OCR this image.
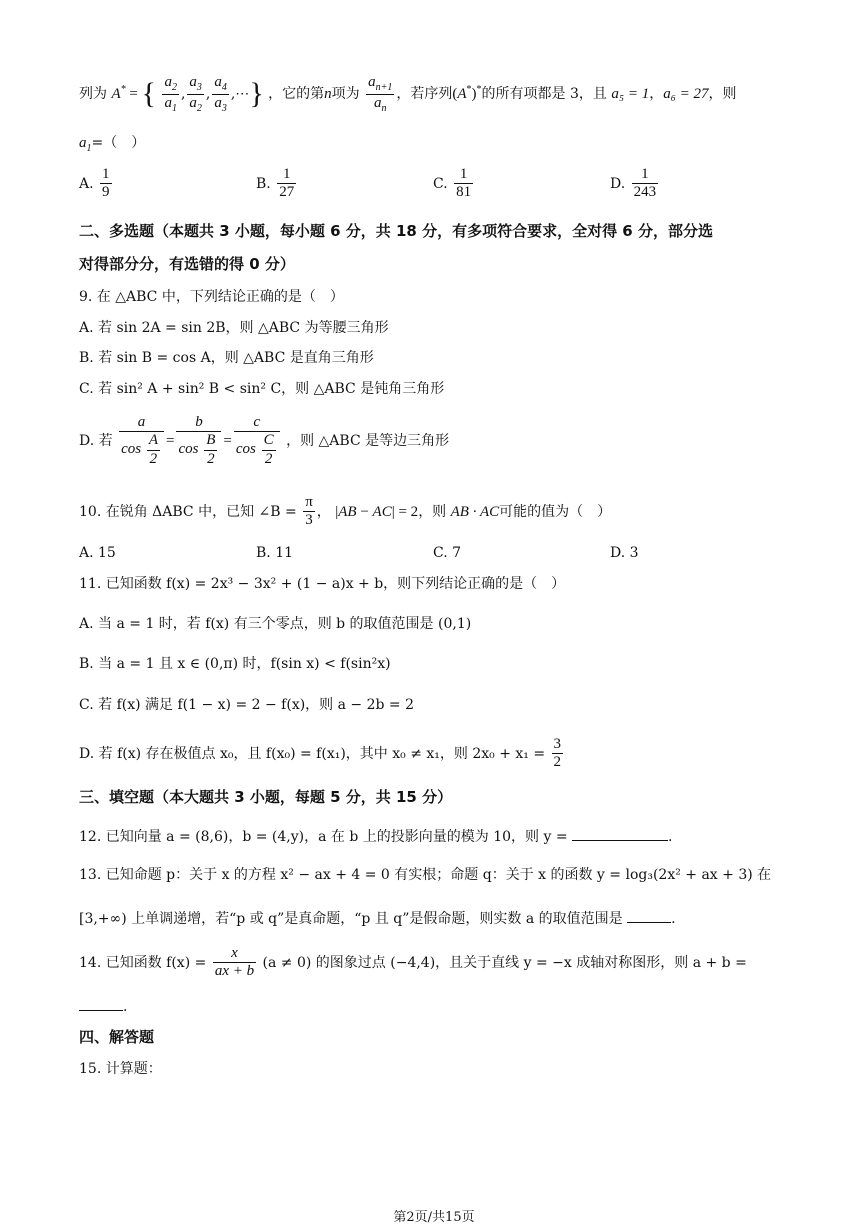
列为 A* = { $\frac{a_2}{a_1}$ , $\frac{a_3}{a_2}$ , $\frac{a_4}{a_3}$ ,⋯} ，它的第n项为 $\frac{a_{n+1}}{a_n}$ ，若序列(A*)*的所有项都是 3，且 a₅ = 1，a₆ = 27，则
$a_1=$（　）
A. $\frac{1}{9}$	B. $\frac{1}{27}$	C. $\frac{1}{81}$	D. $\frac{1}{243}$
二、多选题（本题共 3 小题，每小题 6 分，共 18 分，有多项符合要求，全对得 6 分，部分选
对得部分分，有选错的得 0 分）
9. 在 △ABC 中，下列结论正确的是（　）
A. 若 sin 2A = sin 2B，则 △ABC 为等腰三角形
B. 若 sin B = cos A，则 △ABC 是直角三角形
C. 若 sin² A + sin² B < sin² C，则 △ABC 是钝角三角形
D. 若 $\frac{a}{\cos \frac{A}{2}} = \frac{b}{\cos \frac{B}{2}} = \frac{c}{\cos \frac{C}{2}}$ ，则 △ABC 是等边三角形
10. 在锐角 ΔABC 中，已知 ∠B = $\frac{\pi}{3}$ ， |AB − AC| = 2，则 AB · AC可能的值为（　）
A. 15	B. 11	C. 7	D. 3
11. 已知函数 f(x) = 2x³ − 3x² + (1 − a)x + b，则下列结论正确的是（　）
A. 当 a = 1 时，若 f(x) 有三个零点，则 b 的取值范围是 (0,1)
B. 当 a = 1 且 x ∈ (0,π) 时，f(sin x) < f(sin²x)
C. 若 f(x) 满足 f(1 − x) = 2 − f(x)，则 a − 2b = 2
D. 若 f(x) 存在极值点 x₀，且 f(x₀) = f(x₁)，其中 x₀ ≠ x₁，则 $2x_0 + x_1 = \frac{3}{2}$
三、填空题（本大题共 3 小题，每题 5 分，共 15 分）
12. 已知向量 a = (8,6)，b = (4,y)，a 在 b 上的投影向量的模为 10，则 y =	.
13. 已知命题 p：关于 x 的方程 x² − ax + 4 = 0 有实根；命题 q：关于 x 的函数 y = log₃(2x² + ax + 3) 在
[3,+∞) 上单调递增，若“p 或 q”是真命题，“p 且 q”是假命题，则实数 a 的取值范围是	.
14. 已知函数 $f(x) = \frac{x}{ax + b} (a \ne 0)$ 的图象过点 (−4,4)，且关于直线 y = −x 成轴对称图形，则 a + b =
.
四、解答题
15. 计算题：
第2页/共15页
